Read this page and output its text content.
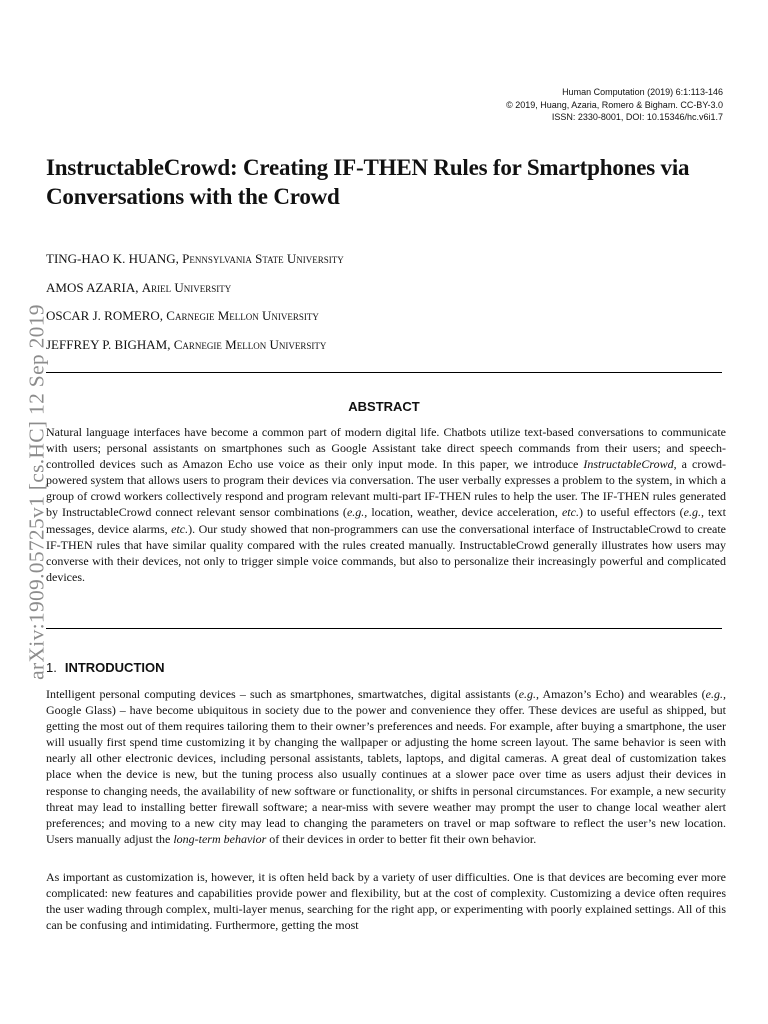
Human Computation (2019) 6:1:113-146
© 2019, Huang, Azaria, Romero & Bigham. CC-BY-3.0
ISSN: 2330-8001, DOI: 10.15346/hc.v6i1.7
InstructableCrowd: Creating IF-THEN Rules for Smartphones via Conversations with the Crowd
TING-HAO K. HUANG, Pennsylvania State University
AMOS AZARIA, Ariel University
OSCAR J. ROMERO, Carnegie Mellon University
JEFFREY P. BIGHAM, Carnegie Mellon University
ABSTRACT

Natural language interfaces have become a common part of modern digital life. Chatbots utilize text-based conversations to communicate with users; personal assistants on smartphones such as Google Assistant take direct speech commands from their users; and speech-controlled devices such as Amazon Echo use voice as their only input mode. In this paper, we introduce InstructableCrowd, a crowd-powered system that allows users to program their devices via conversation. The user verbally expresses a problem to the system, in which a group of crowd workers collectively respond and program relevant multi-part IF-THEN rules to help the user. The IF-THEN rules generated by InstructableCrowd connect relevant sensor combinations (e.g., location, weather, device acceleration, etc.) to useful effectors (e.g., text messages, device alarms, etc.). Our study showed that non-programmers can use the conversational interface of InstructableCrowd to create IF-THEN rules that have similar quality compared with the rules created manually. InstructableCrowd generally illustrates how users may converse with their devices, not only to trigger simple voice commands, but also to personalize their increasingly powerful and complicated devices.

1. INTRODUCTION

Intelligent personal computing devices – such as smartphones, smartwatches, digital assistants (e.g., Amazon’s Echo) and wearables (e.g., Google Glass) – have become ubiquitous in society due to the power and convenience they offer. These devices are useful as shipped, but getting the most out of them requires tailoring them to their owner’s preferences and needs. For example, after buying a smartphone, the user will usually first spend time customizing it by changing the wallpaper or adjusting the home screen layout. The same behavior is seen with nearly all other electronic devices, including personal assistants, tablets, laptops, and digital cameras. A great deal of customization takes place when the device is new, but the tuning process also usually continues at a slower pace over time as users adjust their devices in response to changing needs, the availability of new software or functionality, or shifts in personal circumstances. For example, a new security threat may lead to installing better firewall software; a near-miss with severe weather may prompt the user to change local weather alert preferences; and moving to a new city may lead to changing the parameters on travel or map software to reflect the user’s new location. Users manually adjust the long-term behavior of their devices in order to better fit their own behavior.

As important as customization is, however, it is often held back by a variety of user difficulties. One is that devices are becoming ever more complicated: new features and capabilities provide power and flexibility, but at the cost of complexity. Customizing a device often requires the user wading through complex, multi-layer menus, searching for the right app, or experimenting with poorly explained settings. All of this can be confusing and intimidating. Furthermore, getting the most

arXiv:1909.05725v1 [cs.HC] 12 Sep 2019
